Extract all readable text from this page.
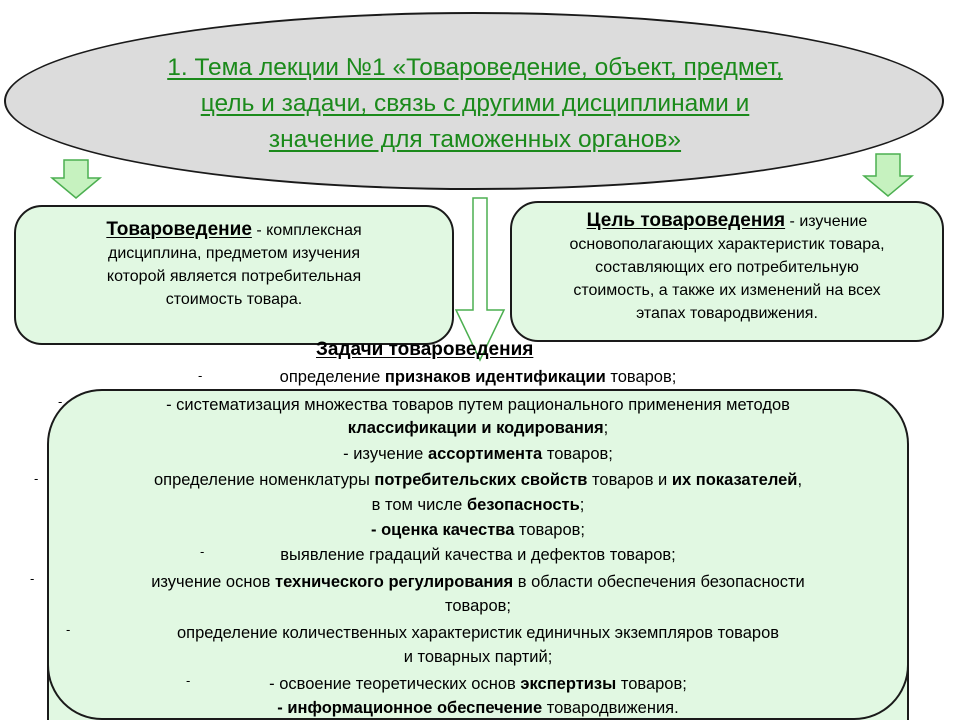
1. Тема лекции №1 «Товароведение, объект, предмет,
цель и задачи, связь с другими дисциплинами и
значение для таможенных органов»
Товароведение - комплексная
дисциплина, предметом изучения
которой является потребительная
стоимость товара.
Цель товароведения - изучение
основополагающих характеристик товара,
составляющих его потребительную
стоимость, а также их изменений на всех
этапах товародвижения.
Задачи товароведения
-	определение признаков идентификации товаров;
-	- систематизация множества товаров путем рационального применения методов
классификации и кодирования;
- изучение ассортимента товаров;
-	определение номенклатуры потребительских свойств товаров и их показателей,
в том числе безопасность;
- оценка качества товаров;
-	выявление градаций качества и дефектов товаров;
-	изучение основ технического регулирования в области обеспечения безопасности
товаров;
-	определение количественных характеристик единичных экземпляров товаров
и товарных партий;
-	- освоение теоретических основ экспертизы товаров;
- информационное обеспечение товародвижения.
